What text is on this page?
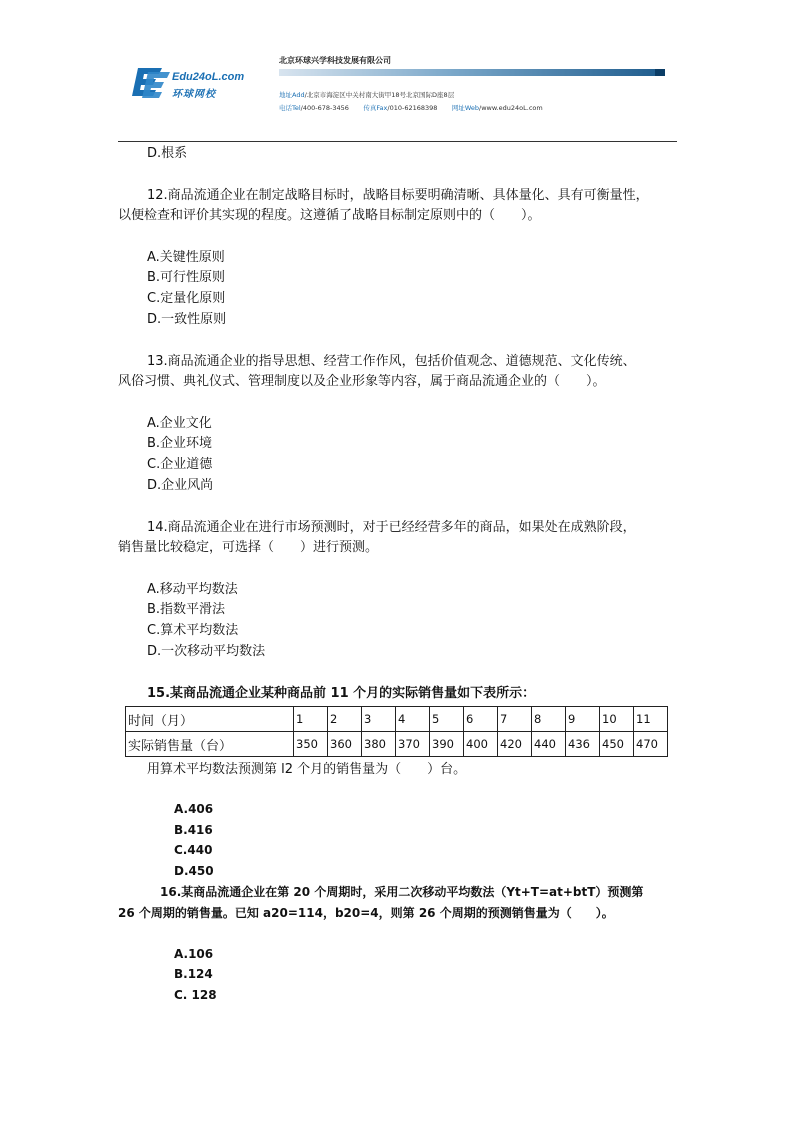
Edu24oL.com
环球网校
北京环球兴学科技发展有限公司
地址Add/北京市海淀区中关村南大街甲18号北京国际D座8层
电话Tel/400-678-3456 传真Fax/010-62168398 网址Web/www.edu24oL.com
D.根系
12.商品流通企业在制定战略目标时，战略目标要明确清晰、具体量化、具有可衡量性，
以便检查和评价其实现的程度。这遵循了战略目标制定原则中的（　　）。
A.关键性原则
B.可行性原则
C.定量化原则
D.一致性原则
13.商品流通企业的指导思想、经营工作作风，包括价值观念、道德规范、文化传统、
风俗习惯、典礼仪式、管理制度以及企业形象等内容，属于商品流通企业的（　　）。
A.企业文化
B.企业环境
C.企业道德
D.企业风尚
14.商品流通企业在进行市场预测时，对于已经经营多年的商品，如果处在成熟阶段，
销售量比较稳定，可选择（　　）进行预测。
A.移动平均数法
B.指数平滑法
C.算术平均数法
D.一次移动平均数法
15.某商品流通企业某种商品前 11 个月的实际销售量如下表所示：
时间（月）	1	2	3	4	5	6	7	8	9	10	11
实际销售量（台）	350	360	380	370	390	400	420	440	436	450	470
用算术平均数法预测第 l2 个月的销售量为（　　）台。
A.406
B.416
C.440
D.450
16.某商品流通企业在第 20 个周期时，采用二次移动平均数法（Yt+T=at+btT）预测第
26 个周期的销售量。已知 a20=114，b20=4，则第 26 个周期的预测销售量为（　　）。
A.106
B.124
C. 128
